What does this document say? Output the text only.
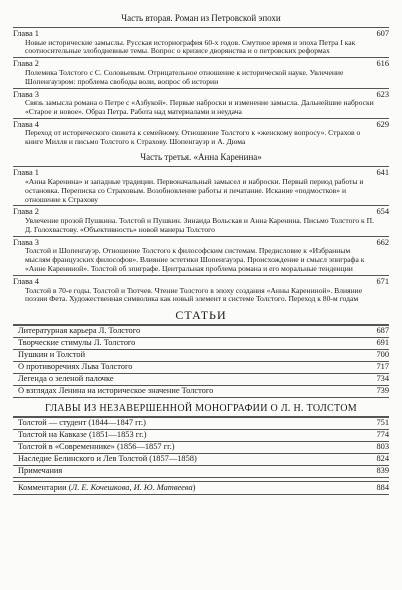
Часть вторая. Роман из Петровской эпохи
Глава 1	607
Новые исторические замыслы. Русская историография 60-х годов. Смутное время и эпоха Петра I как соотносительные злободневные темы. Вопрос о кризисе дворянства и о петровских реформах
Глава 2	616
Полемика Толстого с С. Соловьевым. Отрицательное отношение к исторической науке. Увлечение Шопенгауэром: проблема свободы воли, вопрос об истории
Глава 3	623
Связь замысла романа о Петре с «Азбукой». Первые наброски и изменение замысла. Дальнейшие наброски «Старое и новое». Образ Петра. Работа над материалами и неудача
Глава 4	629
Переход от исторического сюжета к семейному. Отношение Толстого к «женскому вопросу». Страхов о книге Милля и письмо Толстого к Страхову. Шопенгауэр и А. Дюма
Часть третья. «Анна Каренина»
Глава 1	641
«Анна Каренина» и западные традиции. Первоначальный замысел и наброски. Первый период работы и остановка. Переписка со Страховым. Возобновление работы и печатание. Искание «подмостков» и отношение к Страхову
Глава 2	654
Увлечение прозой Пушкина. Толстой и Пушкин. Зинаида Вольская и Анна Каренина. Письмо Толстого к П. Д. Голохвастову. «Объективность» новой манеры Толстого
Глава 3	662
Толстой и Шопенгауэр. Отношение Толстого к философским системам. Предисловие к «Избранным мыслям французских философов». Влияние эстетики Шопенгауэра. Происхождение и смысл эпиграфа к «Анне Карениной». Толстой об эпиграфе. Центральная проблема романа и его моральные тенденции
Глава 4	671
Толстой в 70-е годы. Толстой и Тютчев. Чтение Толстого в эпоху создания «Анны Карениной». Влияние поэзии Фета. Художественная символика как новый элемент в системе Толстого. Переход к 80-м годам
СТАТЬИ
Литературная карьера Л. Толстого	687
Творческие стимулы Л. Толстого	691
Пушкин и Толстой	700
О противоречиях Льва Толстого	717
Легенда о зеленой палочке	734
О взглядах Ленина на историческое значение Толстого	739
ГЛАВЫ ИЗ НЕЗАВЕРШЕННОЙ МОНОГРАФИИ О Л. Н. ТОЛСТОМ
Толстой — студент (1844—1847 гг.)	751
Толстой на Кавказе (1851—1853 гг.)	774
Толстой в «Современнике» (1856—1857 гг.)	803
Наследие Белинского и Лев Толстой (1857—1858)	824
Примечания	839
Комментарии (Л. Е. Кочешкова, И. Ю. Матвеева)	884
